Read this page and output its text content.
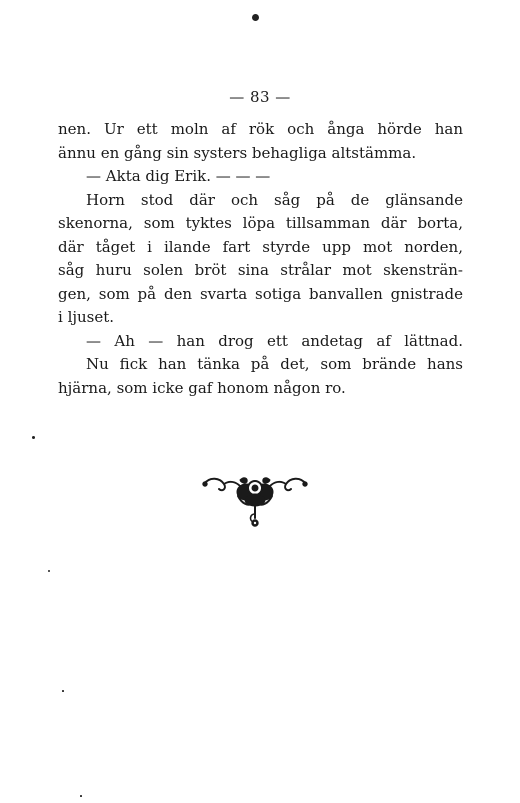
— 83 —
nen. Ur ett moln af rök och ånga hörde han
ännu en gång sin systers behagliga altstämma.
— Akta dig Erik. — — —
Horn stod där och såg på de glänsande
skenorna, som tyktes löpa tillsamman där borta,
där tåget i ilande fart styrde upp mot norden,
såg huru solen bröt sina strålar mot skensträn-
gen, som på den svarta sotiga banvallen gnistrade
i ljuset.
— Ah — han drog ett andetag af lättnad.
Nu fick han tänka på det, som brände hans
hjärna, som icke gaf honom någon ro.
